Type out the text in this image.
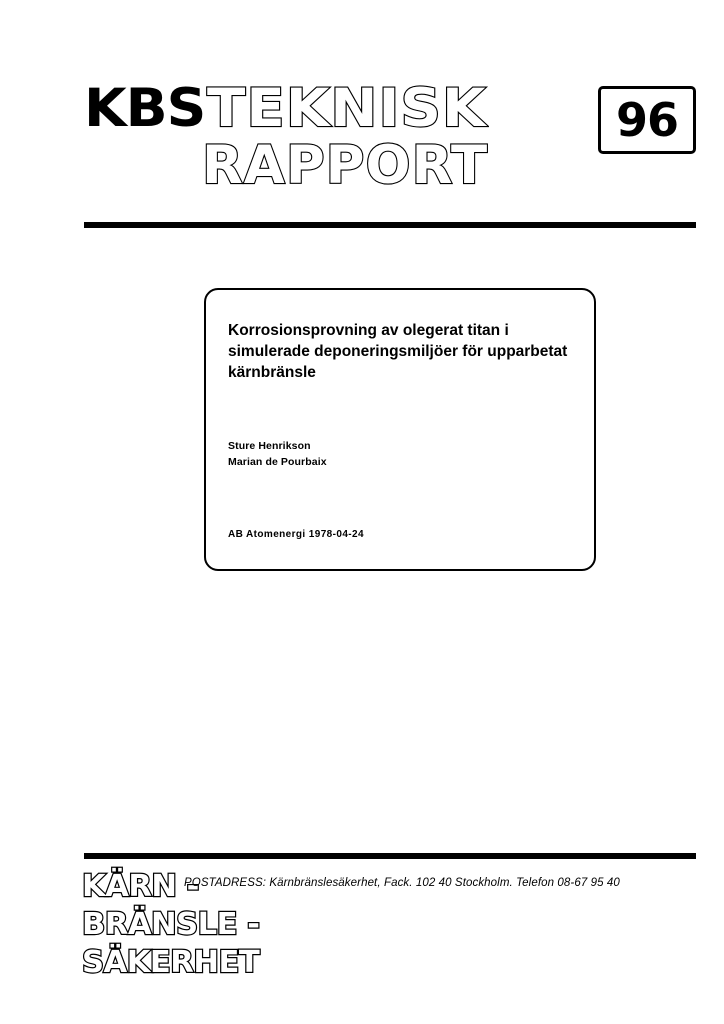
KBS TEKNISK
RAPPORT
96
Korrosionsprovning av olegerat titan i simulerade deponeringsmiljöer för upparbetat kärnbränsle
Sture Henrikson
Marian de Pourbaix
AB Atomenergi 1978-04-24
KÄRN -
BRÄNSLE -
SÄKERHET
POSTADRESS: Kärnbränslesäkerhet, Fack. 102 40 Stockholm. Telefon 08-67 95 40
